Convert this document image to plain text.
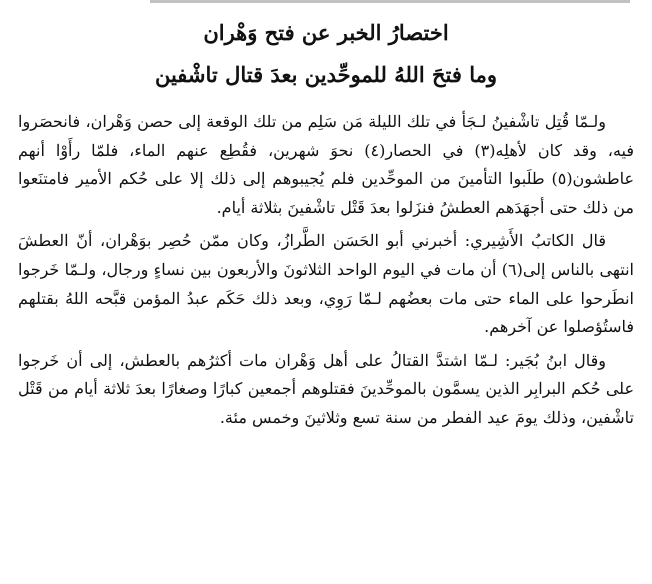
اختصارُ الخبر عن فتح وَهْران

وما فتحَ اللهُ للموحِّدين بعدَ قتال تاشْفين

ولـمّا قُتِل تاشْفينُ لـجَأ في تلك الليلة مَن سَلِم من تلك الوقعة إلى حصن وَهْران، فانحصَروا فيه، وقد كان لأهلِه(٣) في الحصار(٤) نحوَ شهرين، فقُطِع عنهم الماء، فلمّا رأَوْا أنهم عاطشون(٥) طلَبوا التأمينَ من الموحِّدين فلم يُجيبوهم إلى ذلك إلا على حُكم الأمير فامتنَعوا من ذلك حتى أجهَدَهم العطشُ فنزَلوا بعدَ قَتْل تاشْفينَ بثلاثة أيام.

قال الكاتبُ الأَشِيري: أخبرني أبو الحَسَن الطَّرازُ، وكان ممّن حُصِر بوَهْران، أنّ العطشَ انتهى بالناس إلى(٦) أن مات في اليوم الواحد الثلاثونَ والأربعون بين نساءٍ ورجال، ولـمّا خَرجوا انطَرحوا على الماء حتى مات بعضُهم لـمّا رَوِي، وبعد ذلك حَكَم عبدُ المؤمن قبَّحه اللهُ بقتلهم فاستُؤصلوا عن آخرهم.

وقال ابنُ بُجَير: لـمّا اشتدَّ القتالُ على أهل وَهْران مات أكثرُهم بالعطش، إلى أن خَرجوا على حُكم البرابِر الذين يسمَّون بالموحِّدينَ فقتلوهم أجمعين كبارًا وصغارًا بعدَ ثلاثة أيام من قَتْل تاشْفين، وذلك يومَ عيد الفطر من سنة تسع وثلاثينَ وخمس مئة.
